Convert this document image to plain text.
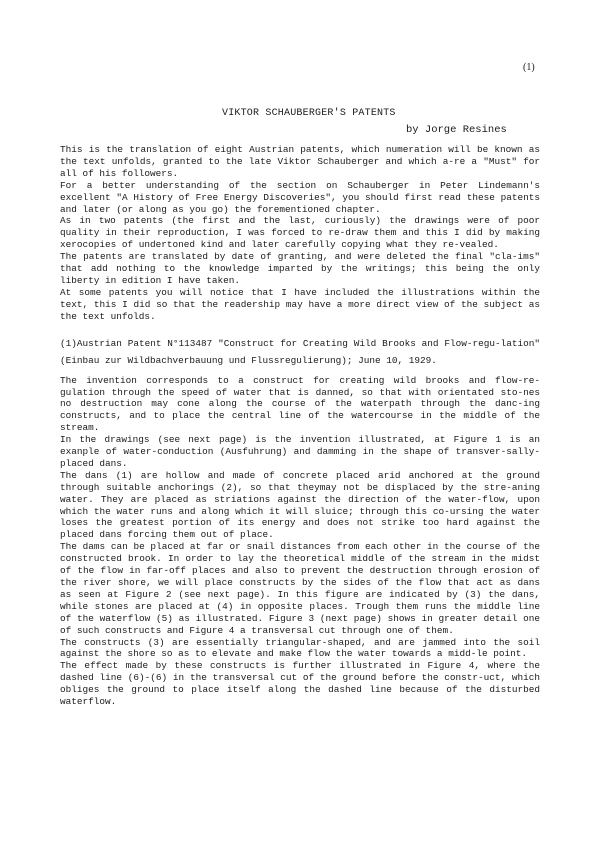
(1)
VIKTOR SCHAUBERGER'S PATENTS
by Jorge Resines

This is the translation of eight Austrian patents, which numeration will be known as the text unfolds, granted to the late Viktor Schauberger and which a-re a "Must" for all of his followers.

For a better understanding of the section on Schauberger in Peter Lindemann's excellent "A History of Free Energy Discoveries", you should first read these patents and later (or along as you go) the forementioned chapter.

As in two patents (the first and the last, curiously) the drawings were of poor quality in their reproduction, I was forced to re-draw them and this I did by making xerocopies of undertoned kind and later carefully copying what they re-vealed.

The patents are translated by date of granting, and were deleted the final "cla-ims" that add nothing to the knowledge imparted by the writings; this being the only liberty in edition I have taken.

At some patents you will notice that I have included the illustrations within the text, this I did so that the readership may have a more direct view of the subject as the text unfolds.

(1)Austrian Patent N°113487 "Construct for Creating Wild Brooks and Flow-regu-lation" (Einbau zur Wildbachverbauung und Flussregulierung); June 10, 1929.

The invention corresponds to a construct for creating wild brooks and flow-re-gulation through the speed of water that is danned, so that with orientated sto-nes no destruction may cone along the course of the waterpath through the danc-ing constructs, and to place the central line of the watercourse in the middle of the stream.

In the drawings (see next page) is the invention illustrated, at Figure 1 is an exanple of water-conduction (Ausfuhrung) and damming in the shape of transver-sally-placed dans.

The dans (1) are hollow and made of concrete placed arid anchored at the ground through suitable anchorings (2), so that theymay not be displaced by the stre-aning water. They are placed as striations against the direction of the water-flow, upon which the water runs and along which it will sluice; through this co-ursing the water loses the greatest portion of its energy and does not strike too hard against the placed dans forcing them out of place.

The dams can be placed at far or snail distances from each other in the course of the constructed brook. In order to lay the theoretical middle of the stream in the midst of the flow in far-off places and also to prevent the destruction through erosion of the river shore, we will place constructs by the sides of the flow that act as dans as seen at Figure 2 (see next page). In this figure are indicated by (3) the dans, while stones are placed at (4) in opposite places. Trough them runs the middle line of the waterflow (5) as illustrated. Figure 3 (next page) shows in greater detail one of such constructs and Figure 4 a transversal cut through one of them.

The constructs (3) are essentially triangular-shaped, and are jammed into the soil against the shore so as to elevate and make flow the water towards a midd-le point.

The effect made by these constructs is further illustrated in Figure 4, where the dashed line (6)-(6) in the transversal cut of the ground before the constr-uct, which obliges the ground to place itself along the dashed line because of the disturbed waterflow.
